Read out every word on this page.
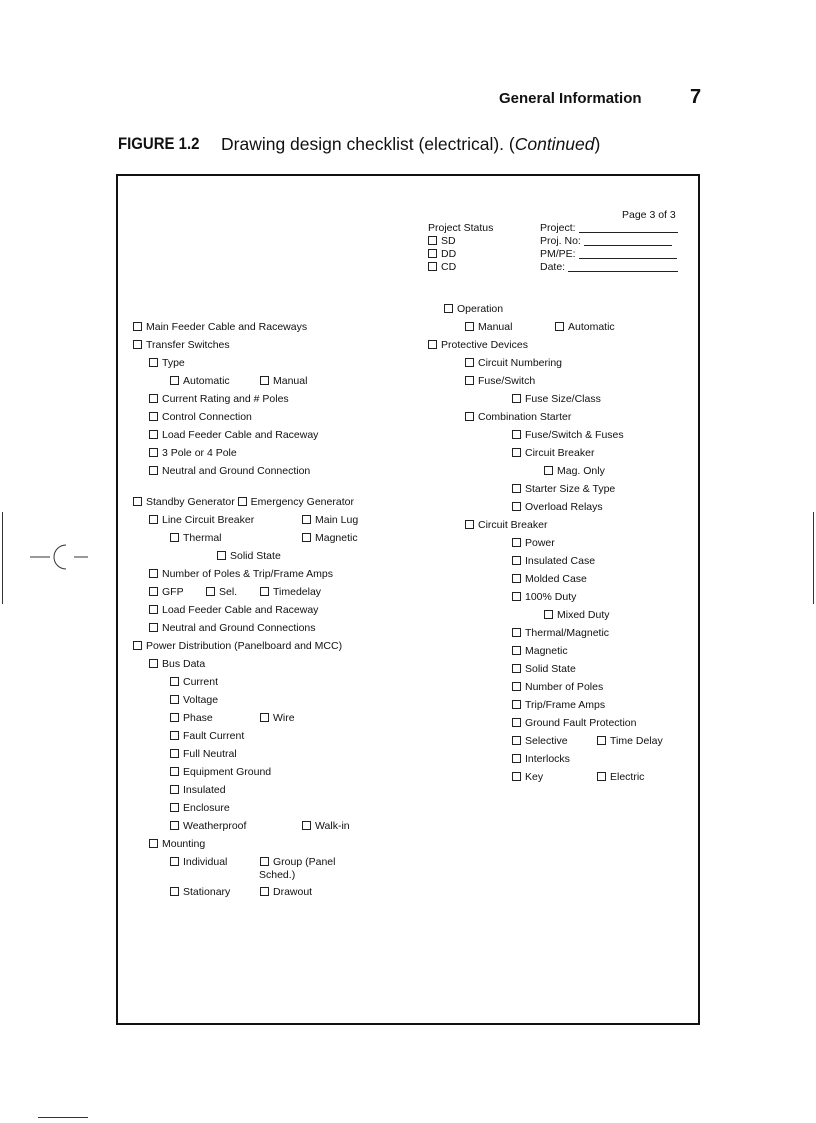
General Information 7
FIGURE 1.2 Drawing design checklist (electrical). (Continued)
Page 3 of 3
Project Status
SD
DD
CD
Project:
Proj. No:
PM/PE:
Date:
Main Feeder Cable and Raceways
Transfer Switches
Type
Automatic	Manual
Current Rating and # Poles
Control Connection
Load Feeder Cable and Raceway
3 Pole or 4 Pole
Neutral and Ground Connection
Standby Generator Emergency Generator
Line Circuit Breaker	Main Lug
Thermal	Magnetic
Solid State
Number of Poles & Trip/Frame Amps
GFP	Sel.	Timedelay
Load Feeder Cable and Raceway
Neutral and Ground Connections
Power Distribution (Panelboard and MCC)
Bus Data
Current
Voltage
Phase	Wire
Fault Current
Full Neutral
Equipment Ground
Insulated
Enclosure
Weatherproof	Walk-in
Mounting
Individual	Group (Panel
Sched.)
Stationary	Drawout
Operation
Manual	Automatic
Protective Devices
Circuit Numbering
Fuse/Switch
Fuse Size/Class
Combination Starter
Fuse/Switch & Fuses
Circuit Breaker
Mag. Only
Starter Size & Type
Overload Relays
Circuit Breaker
Power
Insulated Case
Molded Case
100% Duty
Mixed Duty
Thermal/Magnetic
Magnetic
Solid State
Number of Poles
Trip/Frame Amps
Ground Fault Protection
Selective	Time Delay
Interlocks
Key	Electric
